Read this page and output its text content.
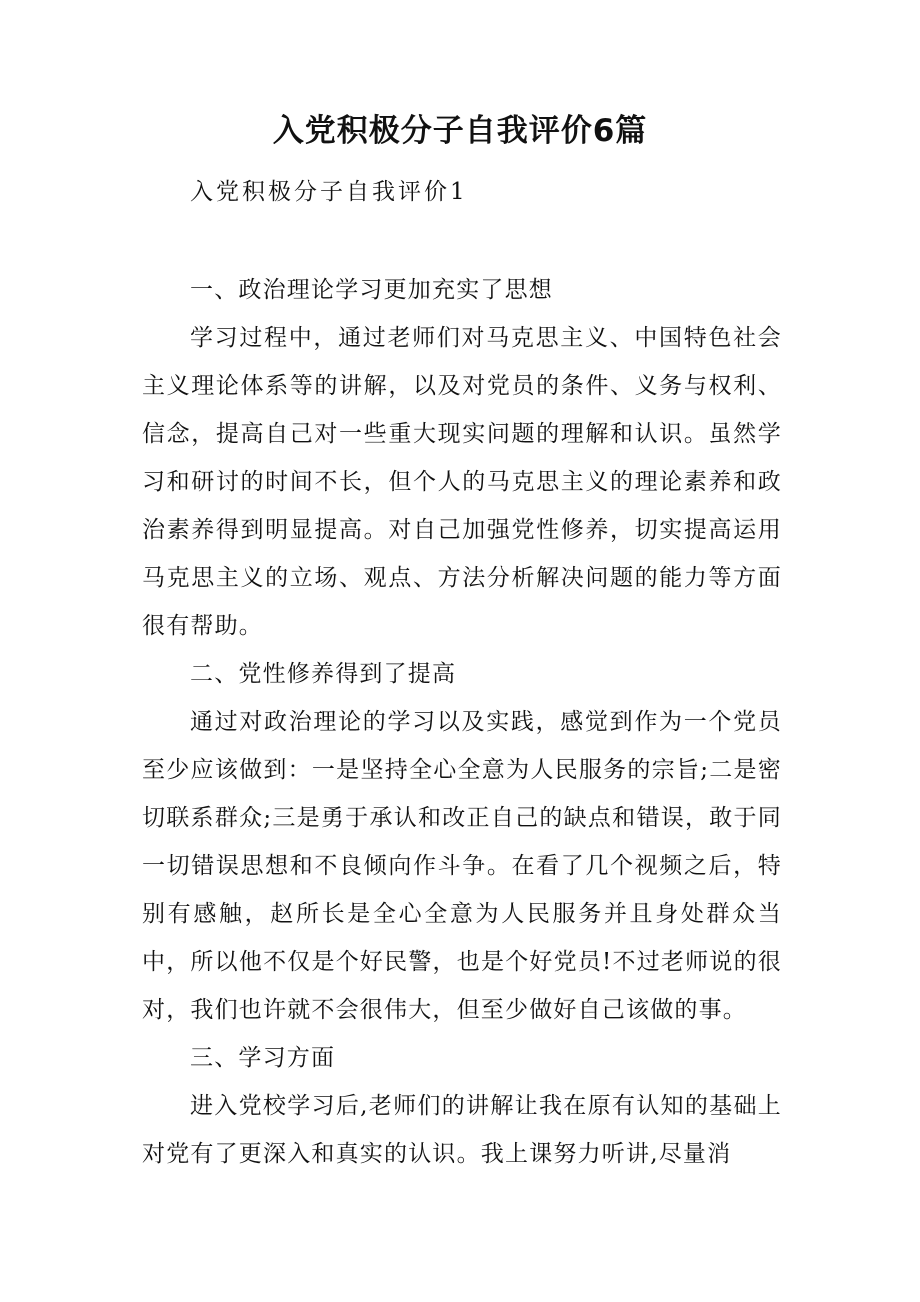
入党积极分子自我评价6篇

入党积极分子自我评价1

一、政治理论学习更加充实了思想

学习过程中，通过老师们对马克思主义、中国特色社会主义理论体系等的讲解，以及对党员的条件、义务与权利、信念，提高自己对一些重大现实问题的理解和认识。虽然学习和研讨的时间不长，但个人的马克思主义的理论素养和政治素养得到明显提高。对自己加强党性修养，切实提高运用马克思主义的立场、观点、方法分析解决问题的能力等方面很有帮助。

二、党性修养得到了提高

通过对政治理论的学习以及实践，感觉到作为一个党员至少应该做到：一是坚持全心全意为人民服务的宗旨;二是密切联系群众;三是勇于承认和改正自己的缺点和错误，敢于同一切错误思想和不良倾向作斗争。在看了几个视频之后，特别有感触，赵所长是全心全意为人民服务并且身处群众当中，所以他不仅是个好民警，也是个好党员!不过老师说的很对，我们也许就不会很伟大，但至少做好自己该做的事。

三、学习方面

进入党校学习后,老师们的讲解让我在原有认知的基础上对党有了更深入和真实的认识。我上课努力听讲,尽量消
